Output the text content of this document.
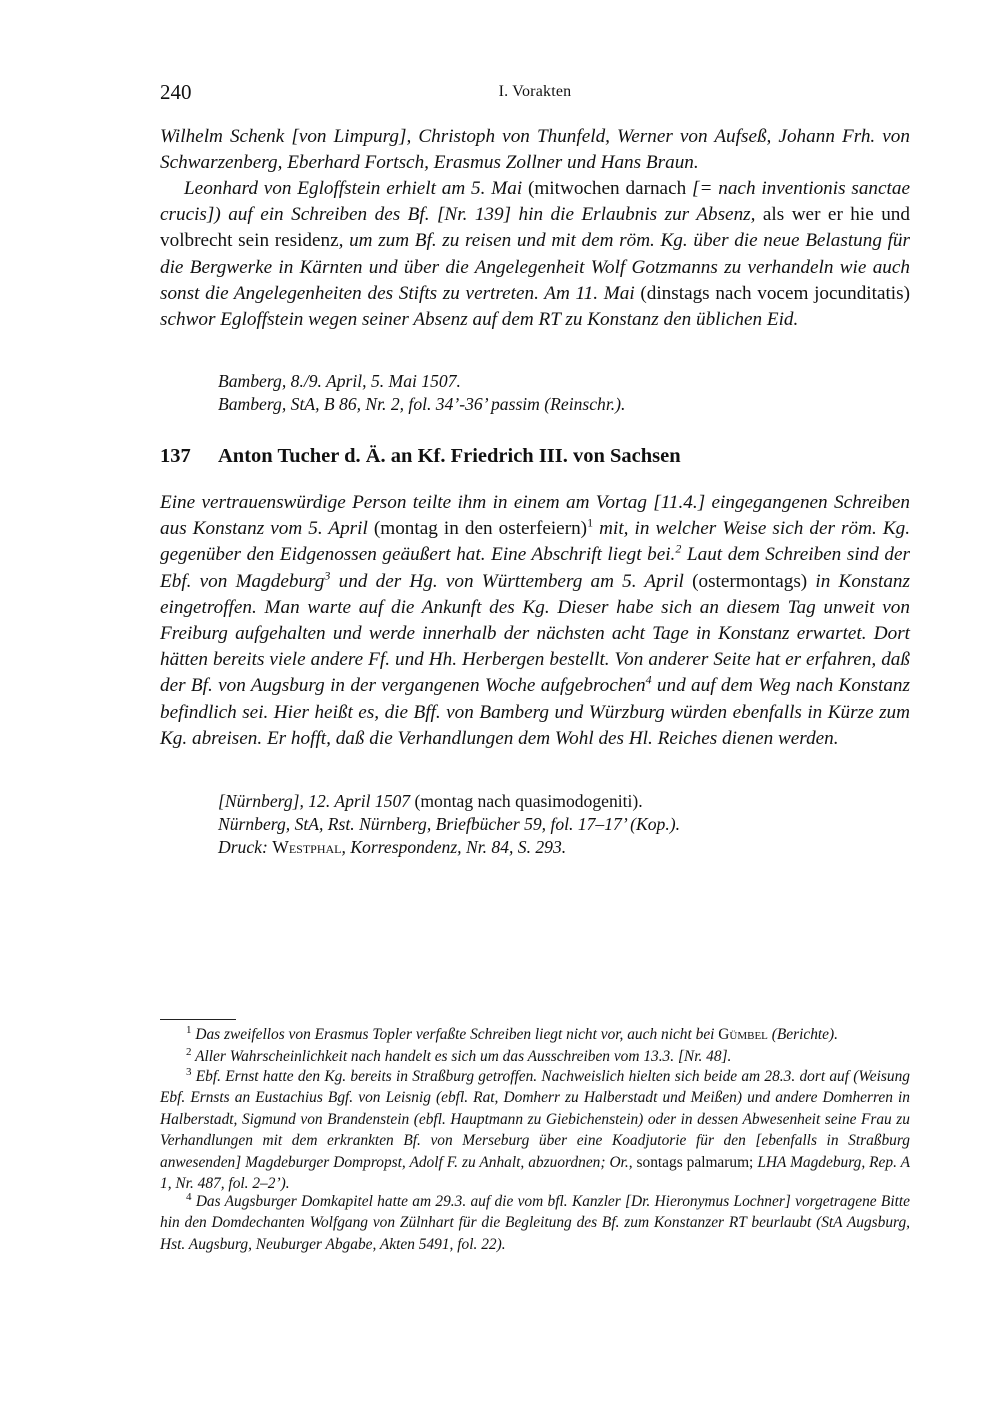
240	I. Vorakten

Wilhelm Schenk [von Limpurg], Christoph von Thunfeld, Werner von Aufseß, Johann Frh. von Schwarzenberg, Eberhard Fortsch, Erasmus Zollner und Hans Braun.

Leonhard von Egloffstein erhielt am 5. Mai (mitwochen darnach [= nach inventionis sanctae crucis]) auf ein Schreiben des Bf. [Nr. 139] hin die Erlaubnis zur Absenz, als wer er hie und volbrecht sein residenz, um zum Bf. zu reisen und mit dem röm. Kg. über die neue Belastung für die Bergwerke in Kärnten und über die Angelegenheit Wolf Gotzmanns zu verhandeln wie auch sonst die Angelegenheiten des Stifts zu vertreten. Am 11. Mai (dinstags nach vocem jocunditatis) schwor Egloffstein wegen seiner Absenz auf dem RT zu Konstanz den üblichen Eid.

Bamberg, 8./9. April, 5. Mai 1507.
Bamberg, StA, B 86, Nr. 2, fol. 34’-36’ passim (Reinschr.).
137 Anton Tucher d. Ä. an Kf. Friedrich III. von Sachsen

Eine vertrauenswürdige Person teilte ihm in einem am Vortag [11.4.] eingegangenen Schreiben aus Konstanz vom 5. April (montag in den osterfeiern)$^1$ mit, in welcher Weise sich der röm. Kg. gegenüber den Eidgenossen geäußert hat. Eine Abschrift liegt bei.$^2$ Laut dem Schreiben sind der Ebf. von Magdeburg$^3$ und der Hg. von Württemberg am 5. April (ostermontags) in Konstanz eingetroffen. Man warte auf die Ankunft des Kg. Dieser habe sich an diesem Tag unweit von Freiburg aufgehalten und werde innerhalb der nächsten acht Tage in Konstanz erwartet. Dort hätten bereits viele andere Ff. und Hh. Herbergen bestellt. Von anderer Seite hat er erfahren, daß der Bf. von Augsburg in der vergangenen Woche aufgebrochen$^4$ und auf dem Weg nach Konstanz befindlich sei. Hier heißt es, die Bff. von Bamberg und Würzburg würden ebenfalls in Kürze zum Kg. abreisen. Er hofft, daß die Verhandlungen dem Wohl des Hl. Reiches dienen werden.

[Nürnberg], 12. April 1507 (montag nach quasimodogeniti).
Nürnberg, StA, Rst. Nürnberg, Briefbücher 59, fol. 17–17’ (Kop.).
Druck: Westphal, Korrespondenz, Nr. 84, S. 293.

$^1$ Das zweifellos von Erasmus Topler verfaßte Schreiben liegt nicht vor, auch nicht bei Gümbel (Berichte).

$^2$ Aller Wahrscheinlichkeit nach handelt es sich um das Ausschreiben vom 13.3. [Nr. 48].

$^3$ Ebf. Ernst hatte den Kg. bereits in Straßburg getroffen. Nachweislich hielten sich beide am 28.3. dort auf (Weisung Ebf. Ernsts an Eustachius Bgf. von Leisnig (ebfl. Rat, Domherr zu Halberstadt und Meißen) und andere Domherren in Halberstadt, Sigmund von Brandenstein (ebfl. Hauptmann zu Giebichenstein) oder in dessen Abwesenheit seine Frau zu Verhandlungen mit dem erkrankten Bf. von Merseburg über eine Koadjutorie für den [ebenfalls in Straßburg anwesenden] Magdeburger Dompropst, Adolf F. zu Anhalt, abzuordnen; Or., sontags palmarum; LHA Magdeburg, Rep. A 1, Nr. 487, fol. 2–2’).

$^4$ Das Augsburger Domkapitel hatte am 29.3. auf die vom bfl. Kanzler [Dr. Hieronymus Lochner] vorgetragene Bitte hin den Domdechanten Wolfgang von Zülnhart für die Begleitung des Bf. zum Konstanzer RT beurlaubt (StA Augsburg, Hst. Augsburg, Neuburger Abgabe, Akten 5491, fol. 22).
